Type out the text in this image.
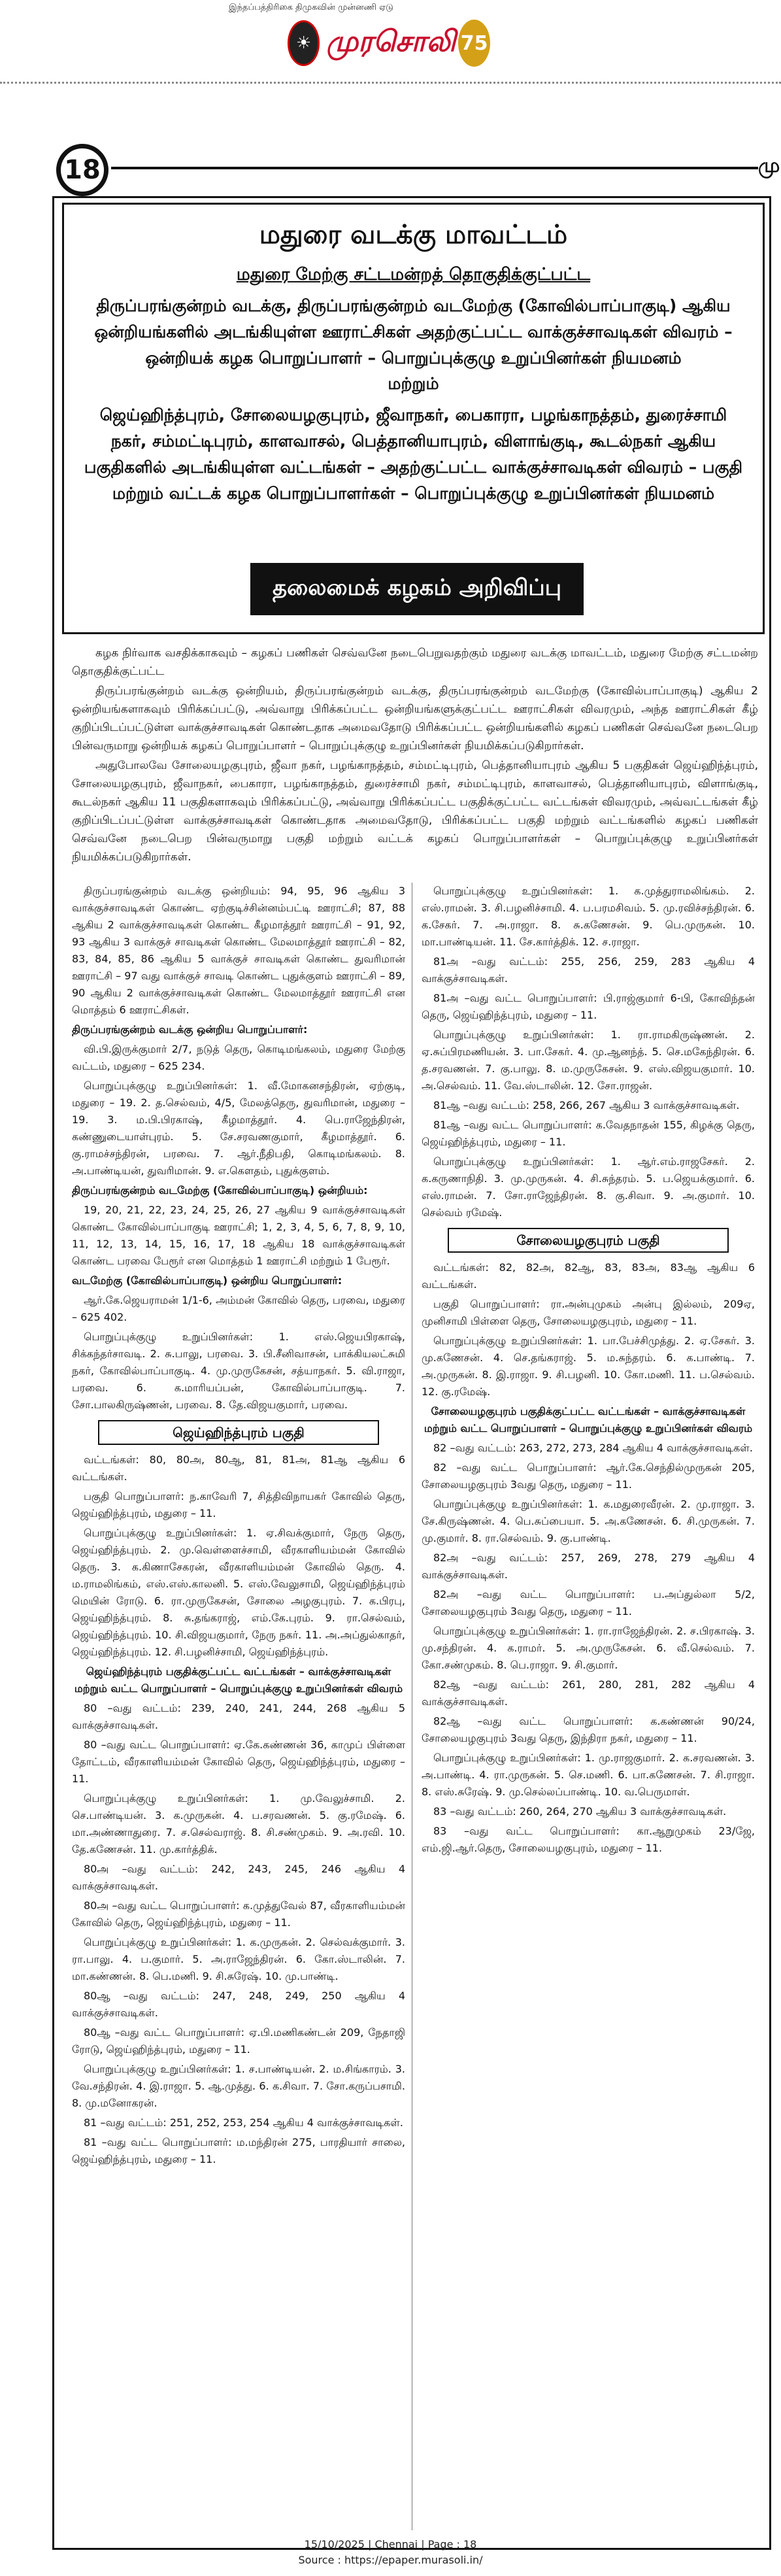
இந்தப்பத்திரிகை திமுகவின் முன்னணி ஏடு
☀ முரசொலி 75
18	மு
மதுரை வடக்கு மாவட்டம்
மதுரை மேற்கு சட்டமன்றத் தொகுதிக்குட்பட்ட
திருப்பரங்குன்றம் வடக்கு, திருப்பரங்குன்றம் வடமேற்கு (கோவில்பாப்பாகுடி) ஆகிய ஒன்றியங்களில் அடங்கியுள்ள ஊராட்சிகள் அதற்குட்பட்ட வாக்குச்சாவடிகள் விவரம் – ஒன்றியக் கழக பொறுப்பாளர் – பொறுப்புக்குழு உறுப்பினர்கள் நியமனம்
மற்றும்
ஜெய்ஹிந்த்புரம், சோலையழகுபுரம், ஜீவாநகர், பைகாரா, பழங்காநத்தம், துரைச்சாமி நகர், சம்மட்டிபுரம், காளவாசல், பெத்தானியாபுரம், விளாங்குடி, கூடல்நகர் ஆகிய பகுதிகளில் அடங்கியுள்ள வட்டங்கள் – அதற்குட்பட்ட வாக்குச்சாவடிகள் விவரம் – பகுதி மற்றும் வட்டக் கழக பொறுப்பாளர்கள் – பொறுப்புக்குழு உறுப்பினர்கள் நியமனம்
தலைமைக் கழகம் அறிவிப்பு

கழக நிர்வாக வசதிக்காகவும் – கழகப் பணிகள் செவ்வனே நடைபெறுவதற்கும் மதுரை வடக்கு மாவட்டம், மதுரை மேற்கு சட்டமன்ற தொகுதிக்குட்பட்ட

திருப்பரங்குன்றம் வடக்கு ஒன்றியம், திருப்பரங்குன்றம் வடக்கு, திருப்பரங்குன்றம் வடமேற்கு (கோவில்பாப்பாகுடி) ஆகிய 2 ஒன்றியங்களாகவும் பிரிக்கப்பட்டு, அவ்வாறு பிரிக்கப்பட்ட ஒன்றியங்களுக்குட்பட்ட ஊராட்சிகள் விவரமும், அந்த ஊராட்சிகள் கீழ் குறிப்பிடப்பட்டுள்ள வாக்குச்சாவடிகள் கொண்டதாக அமைவதோடு பிரிக்கப்பட்ட ஒன்றியங்களில் கழகப் பணிகள் செவ்வனே நடைபெற பின்வருமாறு ஒன்றியக் கழகப் பொறுப்பாளர் – பொறுப்புக்குழு உறுப்பினர்கள் நியமிக்கப்படுகிறார்கள்.

அதுபோலவே சோலையழகுபுரம், ஜீவா நகர், பழங்காநத்தம், சம்மட்டிபுரம், பெத்தானியாபுரம் ஆகிய 5 பகுதிகள் ஜெய்ஹிந்த்புரம், சோலையழகுபுரம், ஜீவாநகர், பைகாரா, பழங்காநத்தம், துரைச்சாமி நகர், சம்மட்டிபுரம், காளவாசல், பெத்தானியாபுரம், விளாங்குடி, கூடல்நகர் ஆகிய 11 பகுதிகளாகவும் பிரிக்கப்பட்டு, அவ்வாறு பிரிக்கப்பட்ட பகுதிக்குட்பட்ட வட்டங்கள் விவரமும், அவ்வட்டங்கள் கீழ் குறிப்பிடப்பட்டுள்ள வாக்குச்சாவடிகள் கொண்டதாக அமைவதோடு, பிரிக்கப்பட்ட பகுதி மற்றும் வட்டங்களில் கழகப் பணிகள் செவ்வனே நடைபெற பின்வருமாறு பகுதி மற்றும் வட்டக் கழகப் பொறுப்பாளர்கள் – பொறுப்புக்குழு உறுப்பினர்கள் நியமிக்கப்படுகிறார்கள்.

திருப்பரங்குன்றம் வடக்கு ஒன்றியம்: 94, 95, 96 ஆகிய 3 வாக்குச்சாவடிகள் கொண்ட ஏற்குடிச்சின்னம்பட்டி ஊராட்சி; 87, 88 ஆகிய 2 வாக்குச்சாவடிகள் கொண்ட கீழமாத்தூர் ஊராட்சி – 91, 92, 93 ஆகிய 3 வாக்குச் சாவடிகள் கொண்ட மேலமாத்தூர் ஊராட்சி – 82, 83, 84, 85, 86 ஆகிய 5 வாக்குச் சாவடிகள் கொண்ட துவரிமான் ஊராட்சி – 97 வது வாக்குச் சாவடி கொண்ட புதுக்குளம் ஊராட்சி – 89, 90 ஆகிய 2 வாக்குச்சாவடிகள் கொண்ட மேலமாத்தூர் ஊராட்சி என மொத்தம் 6 ஊராட்சிகள்.

திருப்பரங்குன்றம் வடக்கு ஒன்றிய பொறுப்பாளர்:

வி.பி.இருக்குமார் 2/7, நடுத் தெரு, கொடிமங்கலம், மதுரை மேற்கு வட்டம், மதுரை – 625 234.

பொறுப்புக்குழு உறுப்பினர்கள்: 1. வீ.மோகனசந்திரன், ஏற்குடி, மதுரை – 19. 2. த.செல்வம், 4/5, மேலத்தெரு, துவரிமான், மதுரை – 19. 3. ம.பி.பிரகாஷ், கீழமாத்தூர். 4. பெ.ராஜேந்திரன், கண்ணுடையாள்புரம். 5. சே.சரவணகுமார், கீழமாத்தூர். 6. கு.ராமச்சந்திரன், பரவை. 7. ஆர்.நீதிபதி, கொடிமங்கலம். 8. அ.பாண்டியன், துவரிமான். 9. எ.கௌதம், புதுக்குளம்.

திருப்பரங்குன்றம் வடமேற்கு (கோவில்பாப்பாகுடி) ஒன்றியம்:

19, 20, 21, 22, 23, 24, 25, 26, 27 ஆகிய 9 வாக்குச்சாவடிகள் கொண்ட கோவில்பாப்பாகுடி ஊராட்சி; 1, 2, 3, 4, 5, 6, 7, 8, 9, 10, 11, 12, 13, 14, 15, 16, 17, 18 ஆகிய 18 வாக்குச்சாவடிகள் கொண்ட பரவை பேரூர் என மொத்தம் 1 ஊராட்சி மற்றும் 1 பேரூர்.

வடமேற்கு (கோவில்பாப்பாகுடி) ஒன்றிய பொறுப்பாளர்:

ஆர்.கே.ஜெயராமன் 1/1-6, அம்மன் கோவில் தெரு, பரவை, மதுரை – 625 402.

பொறுப்புக்குழு உறுப்பினர்கள்: 1. எஸ்.ஜெயபிரகாஷ், சிக்கந்தர்சாவடி. 2. சு.பாலு, பரவை. 3. பி.சீனிவாசன், பாக்கியலட்சுமி நகர், கோவில்பாப்பாகுடி. 4. மு.முருகேசன், சத்யாநகர். 5. வி.ராஜா, பரவை. 6. க.மாரியப்பன், கோவில்பாப்பாகுடி. 7. சோ.பாலகிருஷ்ணன், பரவை. 8. தே.விஜயகுமார், பரவை.

ஜெய்ஹிந்த்புரம் பகுதி

வட்டங்கள்: 80, 80அ, 80ஆ, 81, 81அ, 81ஆ ஆகிய 6 வட்டங்கள்.

பகுதி பொறுப்பாளர்: ந.காவேரி 7, சித்திவிநாயகர் கோவில் தெரு, ஜெய்ஹிந்த்புரம், மதுரை – 11.

பொறுப்புக்குழு உறுப்பினர்கள்: 1. ஏ.சிவக்குமார், நேரு தெரு, ஜெய்ஹிந்த்புரம். 2. மு.வெள்ளைச்சாமி, வீரகாளியம்மன் கோவில் தெரு. 3. க.கிணாசேகரன், வீரகாளியம்மன் கோவில் தெரு. 4. ம.ராமலிங்கம், எஸ்.எஸ்.காலனி. 5. எஸ்.வேலுசாமி, ஜெய்ஹிந்த்புரம் மெயின் ரோடு. 6. ரா.முருகேசன், சோலை அழகுபுரம். 7. க.பிரபு, ஜெய்ஹிந்த்புரம். 8. சு.தங்கராஜ், எம்.கே.புரம். 9. ரா.செல்வம், ஜெய்ஹிந்த்புரம். 10. சி.விஜயகுமார், நேரு நகர். 11. அ.அப்துல்காதர், ஜெய்ஹிந்த்புரம். 12. சி.பழனிச்சாமி, ஜெய்ஹிந்த்புரம்.

ஜெய்ஹிந்த்புரம் பகுதிக்குட்பட்ட வட்டங்கள் – வாக்குச்சாவடிகள் மற்றும் வட்ட பொறுப்பாளர் – பொறுப்புக்குழு உறுப்பினர்கள் விவரம்

80 –வது வட்டம்: 239, 240, 241, 244, 268 ஆகிய 5 வாக்குச்சாவடிகள்.

80 –வது வட்ட பொறுப்பாளர்: ஏ.கே.கண்ணன் 36, காமுப் பிள்ளை தோட்டம், வீரகாளியம்மன் கோவில் தெரு, ஜெய்ஹிந்த்புரம், மதுரை – 11.

பொறுப்புக்குழு உறுப்பினர்கள்: 1. மு.வேலுச்சாமி. 2. செ.பாண்டியன். 3. க.முருகன். 4. ப.சரவணன். 5. கு.ரமேஷ். 6. மா.அண்ணாதுரை. 7. ச.செல்வராஜ். 8. சி.சண்முகம். 9. அ.ரவி. 10. தே.கணேசன். 11. மு.கார்த்திக்.

80அ –வது வட்டம்: 242, 243, 245, 246 ஆகிய 4 வாக்குச்சாவடிகள்.

80அ –வது வட்ட பொறுப்பாளர்: க.முத்துவேல் 87, வீரகாளியம்மன் கோவில் தெரு, ஜெய்ஹிந்த்புரம், மதுரை – 11.

பொறுப்புக்குழு உறுப்பினர்கள்: 1. க.முருகன். 2. செல்வக்குமார். 3. ரா.பாலு. 4. ப.குமார். 5. அ.ராஜேந்திரன். 6. கோ.ஸ்டாலின். 7. மா.கண்ணன். 8. பெ.மணி. 9. சி.சுரேஷ். 10. மு.பாண்டி.

80ஆ –வது வட்டம்: 247, 248, 249, 250 ஆகிய 4 வாக்குச்சாவடிகள்.

80ஆ –வது வட்ட பொறுப்பாளர்: ஏ.பி.மணிகண்டன் 209, நேதாஜி ரோடு, ஜெய்ஹிந்த்புரம், மதுரை – 11.

பொறுப்புக்குழு உறுப்பினர்கள்: 1. ச.பாண்டியன். 2. ம.சிங்காரம். 3. வே.சந்திரன். 4. இ.ராஜா. 5. ஆ.முத்து. 6. க.சிவா. 7. சோ.கருப்பசாமி. 8. மு.மனோகரன்.

81 –வது வட்டம்: 251, 252, 253, 254 ஆகிய 4 வாக்குச்சாவடிகள்.

81 –வது வட்ட பொறுப்பாளர்: ம.மந்திரன் 275, பாரதியார் சாலை, ஜெய்ஹிந்த்புரம், மதுரை – 11.

பொறுப்புக்குழு உறுப்பினர்கள்: 1. க.முத்துராமலிங்கம். 2. எஸ்.ராமன். 3. சி.பழனிச்சாமி. 4. ப.பரமசிவம். 5. மு.ரவிச்சந்திரன். 6. க.சேகர். 7. அ.ராஜா. 8. சு.கணேசன். 9. பெ.முருகன். 10. மா.பாண்டியன். 11. சே.கார்த்திக். 12. ச.ராஜா.

81அ –வது வட்டம்: 255, 256, 259, 283 ஆகிய 4 வாக்குச்சாவடிகள்.

81அ –வது வட்ட பொறுப்பாளர்: பி.ராஜ்குமார் 6-பி, கோவிந்தன் தெரு, ஜெய்ஹிந்த்புரம், மதுரை – 11.

பொறுப்புக்குழு உறுப்பினர்கள்: 1. ரா.ராமகிருஷ்ணன். 2. ஏ.சுப்பிரமணியன். 3. பா.சேகர். 4. மு.ஆனந்த். 5. செ.மகேந்திரன். 6. த.சரவணன். 7. கு.பாலு. 8. ம.முருகேசன். 9. எஸ்.விஜயகுமார். 10. அ.செல்வம். 11. வே.ஸ்டாலின். 12. சோ.ராஜன்.

81ஆ –வது வட்டம்: 258, 266, 267 ஆகிய 3 வாக்குச்சாவடிகள்.

81ஆ –வது வட்ட பொறுப்பாளர்: க.வேதநாதன் 155, கிழக்கு தெரு, ஜெய்ஹிந்த்புரம், மதுரை – 11.

பொறுப்புக்குழு உறுப்பினர்கள்: 1. ஆர்.எம்.ராஜசேகர். 2. க.கருணாநிதி. 3. மு.முருகன். 4. சி.சுந்தரம். 5. ப.ஜெயக்குமார். 6. எஸ்.ராமன். 7. சோ.ராஜேந்திரன். 8. கு.சிவா. 9. அ.குமார். 10. செல்வம் ரமேஷ்.

சோலையழகுபுரம் பகுதி

வட்டங்கள்: 82, 82அ, 82ஆ, 83, 83அ, 83ஆ ஆகிய 6 வட்டங்கள்.

பகுதி பொறுப்பாளர்: ரா.அன்புமுகம் அன்பு இல்லம், 209ஏ, முனிசாமி பிள்ளை தெரு, சோலையழகுபுரம், மதுரை – 11.

பொறுப்புக்குழு உறுப்பினர்கள்: 1. பா.பேச்சிமுத்து. 2. ஏ.சேகர். 3. மு.கணேசன். 4. செ.தங்கராஜ். 5. ம.சுந்தரம். 6. க.பாண்டி. 7. அ.முருகன். 8. இ.ராஜா. 9. சி.பழனி. 10. கோ.மணி. 11. ப.செல்வம். 12. கு.ரமேஷ்.

சோலையழகுபுரம் பகுதிக்குட்பட்ட வட்டங்கள் – வாக்குச்சாவடிகள் மற்றும் வட்ட பொறுப்பாளர் – பொறுப்புக்குழு உறுப்பினர்கள் விவரம்

82 –வது வட்டம்: 263, 272, 273, 284 ஆகிய 4 வாக்குச்சாவடிகள்.

82 –வது வட்ட பொறுப்பாளர்: ஆர்.கே.செந்தில்முருகன் 205, சோலையழகுபுரம் 3வது தெரு, மதுரை – 11.

பொறுப்புக்குழு உறுப்பினர்கள்: 1. க.மதுரைவீரன். 2. மு.ராஜா. 3. சே.கிருஷ்ணன். 4. பெ.சுப்பையா. 5. அ.கணேசன். 6. சி.முருகன். 7. மு.குமார். 8. ரா.செல்வம். 9. கு.பாண்டி.

82அ –வது வட்டம்: 257, 269, 278, 279 ஆகிய 4 வாக்குச்சாவடிகள்.

82அ –வது வட்ட பொறுப்பாளர்: ப.அப்துல்லா 5/2, சோலையழகுபுரம் 3வது தெரு, மதுரை – 11.

பொறுப்புக்குழு உறுப்பினர்கள்: 1. ரா.ராஜேந்திரன். 2. ச.பிரகாஷ். 3. மு.சந்திரன். 4. க.ராமர். 5. அ.முருகேசன். 6. வீ.செல்வம். 7. கோ.சண்முகம். 8. பெ.ராஜா. 9. சி.குமார்.

82ஆ –வது வட்டம்: 261, 280, 281, 282 ஆகிய 4 வாக்குச்சாவடிகள்.

82ஆ –வது வட்ட பொறுப்பாளர்: க.கண்ணன் 90/24, சோலையழகுபுரம் 3வது தெரு, இந்திரா நகர், மதுரை – 11.

பொறுப்புக்குழு உறுப்பினர்கள்: 1. மு.ராஜகுமார். 2. க.சரவணன். 3. அ.பாண்டி. 4. ரா.முருகன். 5. செ.மணி. 6. பா.கணேசன். 7. சி.ராஜா. 8. எஸ்.சுரேஷ். 9. மு.செல்லப்பாண்டி. 10. வ.பெருமாள்.

83 –வது வட்டம்: 260, 264, 270 ஆகிய 3 வாக்குச்சாவடிகள்.

83 –வது வட்ட பொறுப்பாளர்: கா.ஆறுமுகம் 23/ஜே, எம்.ஜி.ஆர்.தெரு, சோலையழகுபுரம், மதுரை – 11.

15/10/2025 | Chennai | Page : 18
Source : https://epaper.murasoli.in/
